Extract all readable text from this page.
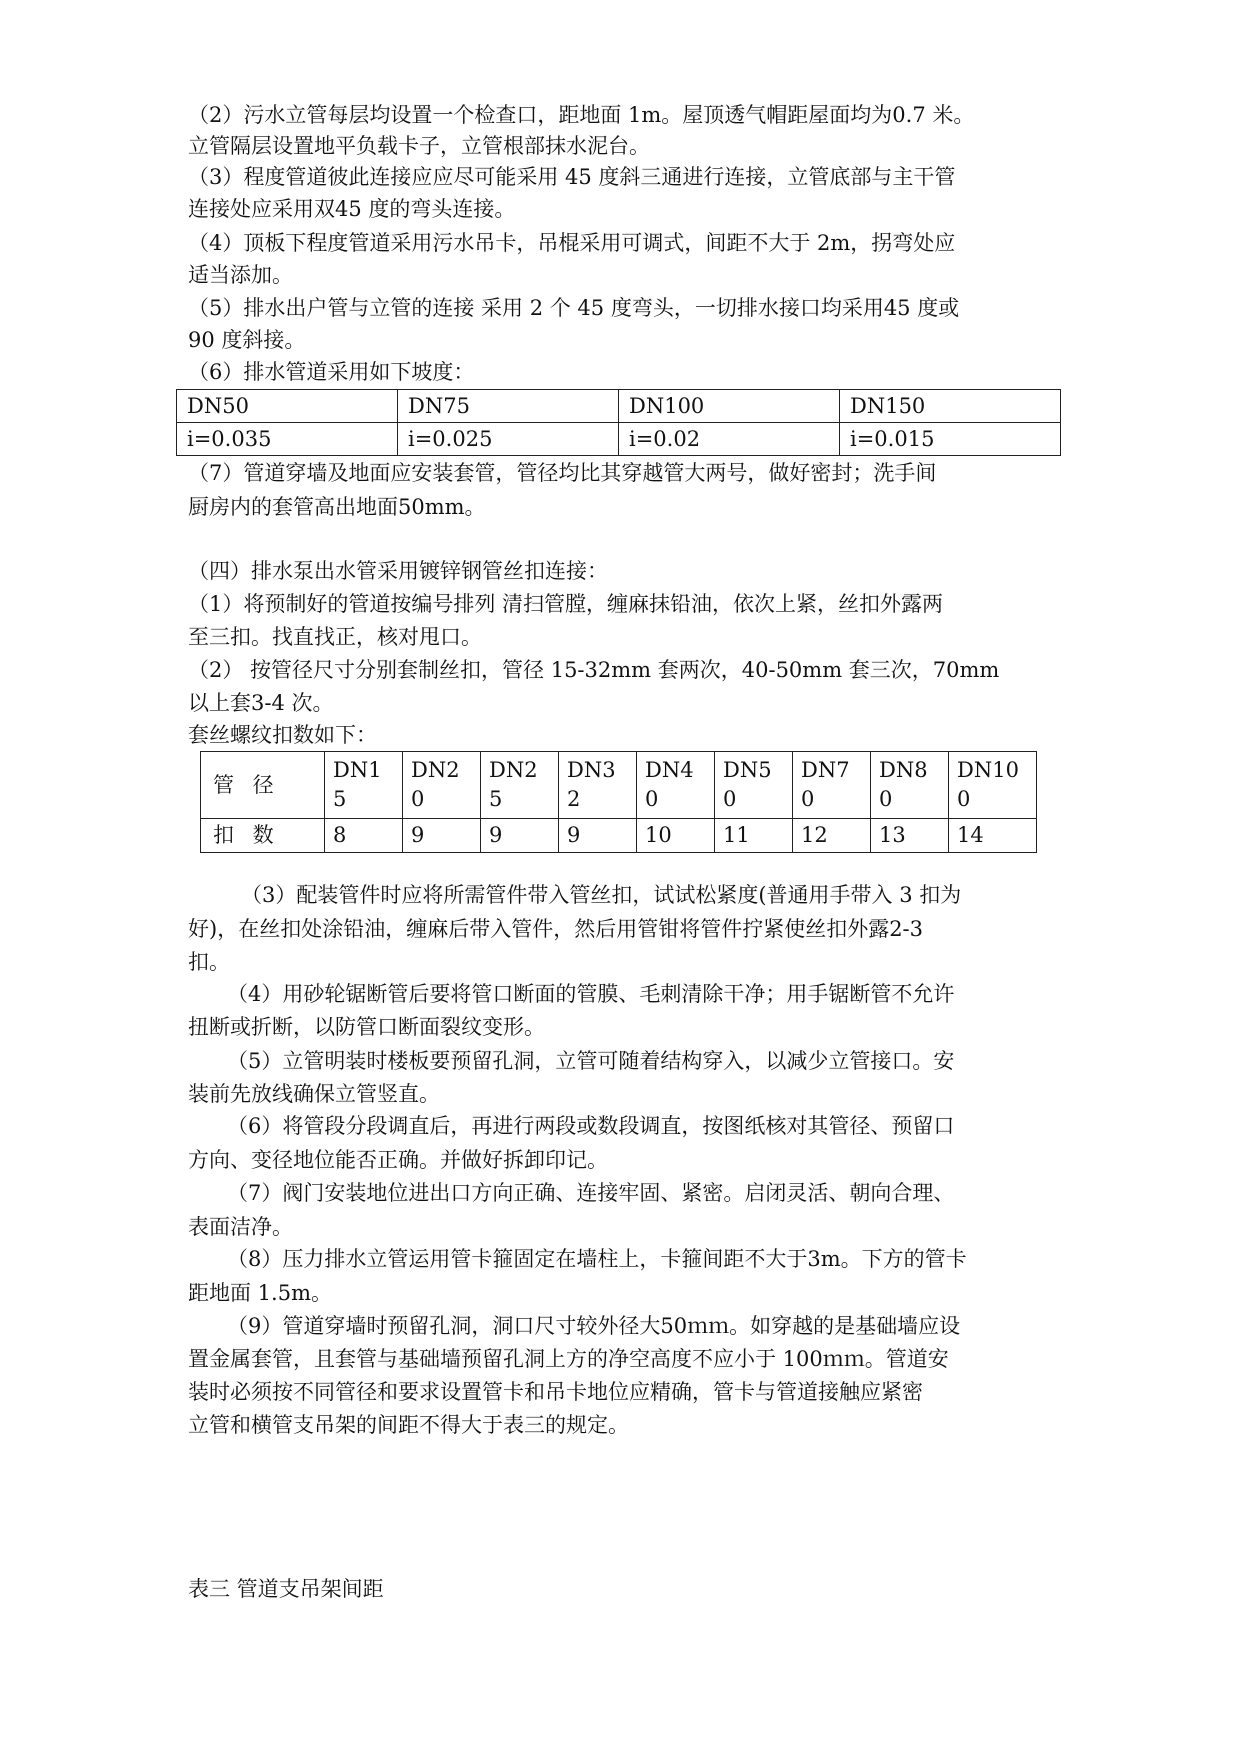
（2）污水立管每层均设置一个检查口，距地面 1m。屋顶透气帽距屋面均为0.7 米。
立管隔层设置地平负载卡子，立管根部抹水泥台。
（3）程度管道彼此连接应应尽可能采用 45 度斜三通进行连接，立管底部与主干管
连接处应采用双45 度的弯头连接。
（4）顶板下程度管道采用污水吊卡，吊棍采用可调式，间距不大于 2m，拐弯处应
适当添加。
（5）排水出户管与立管的连接 采用 2 个 45 度弯头，一切排水接口均采用45 度或
90 度斜接。
（6）排水管道采用如下坡度：
DN50	DN75	DN100	DN150
i=0.035	i=0.025	i=0.02	i=0.015
（7）管道穿墙及地面应安装套管，管径均比其穿越管大两号，做好密封；洗手间
厨房内的套管高出地面50mm。
（四）排水泵出水管采用镀锌钢管丝扣连接：
（1）将预制好的管道按编号排列 清扫管膛，缠麻抹铅油，依次上紧，丝扣外露两
至三扣。找直找正，核对甩口。
（2） 按管径尺寸分别套制丝扣，管径 15-32mm 套两次，40-50mm 套三次，70mm
以上套3-4 次。
套丝螺纹扣数如下：
管 径	DN15	DN20	DN25	DN32	DN40	DN50	DN70	DN80	DN100
扣 数	8	9	9	9	10	11	12	13	14
（3）配装管件时应将所需管件带入管丝扣，试试松紧度(普通用手带入 3 扣为
好)，在丝扣处涂铅油，缠麻后带入管件，然后用管钳将管件拧紧使丝扣外露2-3
扣。
（4）用砂轮锯断管后要将管口断面的管膜、毛刺清除干净；用手锯断管不允许
扭断或折断，以防管口断面裂纹变形。
（5）立管明装时楼板要预留孔洞，立管可随着结构穿入，以减少立管接口。安
装前先放线确保立管竖直。
（6）将管段分段调直后，再进行两段或数段调直，按图纸核对其管径、预留口
方向、变径地位能否正确。并做好拆卸印记。
（7）阀门安装地位进出口方向正确、连接牢固、紧密。启闭灵活、朝向合理、
表面洁净。
（8）压力排水立管运用管卡箍固定在墙柱上，卡箍间距不大于3m。下方的管卡
距地面 1.5m。
（9）管道穿墙时预留孔洞，洞口尺寸较外径大50ｍｍ。如穿越的是基础墙应设
置金属套管，且套管与基础墙预留孔洞上方的净空高度不应小于 100ｍｍ。管道安
装时必须按不同管径和要求设置管卡和吊卡地位应精确，管卡与管道接触应紧密
立管和横管支吊架的间距不得大于表三的规定。
表三 管道支吊架间距
